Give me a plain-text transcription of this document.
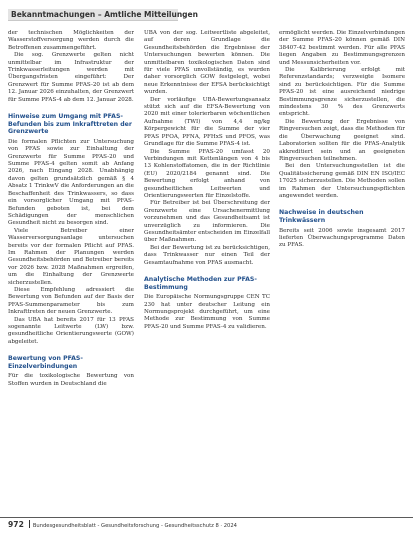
Bekanntmachungen – Amtliche Mitteilungen

der technischen Möglichkeiten der Wasserstoffversorgung werden durch die Betroffenen zusammengeführt.

Die sog. Grenzwerte gelten nicht unmittelbar im Infrastruktur der Trinkwasserleitungen werden mit Übergangsfristen eingeführt: Der Grenzwert für Summe PFAS-20 ist ab dem 12. Januar 2026 einzuhalten, der Grenzwert für Summe PFAS-4 ab dem 12. Januar 2028.

Hinweise zum Umgang mit PFAS-Befunden bis zum Inkrafttreten der Grenzwerte

Die formalen Pflichten zur Untersuchung von PFAS sowie zur Einhaltung der Grenzwerte für Summe PFAS-20 und Summe PFAS-4 gelten somit ab Anfang 2026, nach Eingang 2028. Unabhängig davon gelten grundsätzlich gemäß § 4 Absatz 1 TrinkwV die Anforderungen an die Beschaffenheit des Trinkwassers, so dass ein vorsorglicher Umgang mit PFAS-Befunden geboten ist, bei dem Schädigungen der menschlichen Gesundheit nicht zu besorgen sind.

Viele Betreiber einer Wasserversorgungsanlage untersuchen bereits vor der formalen Pflicht auf PFAS. Im Rahmen der Planungen werden Gesundheitsbehörden und Betreiber bereits vor 2026 bzw. 2028 Maßnahmen ergreifen, um die Einhaltung der Grenzwerte sicherzustellen.

Diese Empfehlung adressiert die Bewertung von Befunden auf der Basis der PFAS-Summenparameter bis zum Inkrafttreten der neuen Grenzwerte.

Das UBA hat bereits 2017 für 13 PFAS sogenannte Leitwerte (LW) bzw. gesundheitliche Orientierungswerte (GOW) abgeleitet.

Bewertung von PFAS-Einzelverbindungen

Für die toxikologische Bewertung von Stoffen wurden in Deutschland die

UBA von der sog. Leitwertliste abgeleitet, auf deren Grundlage die Gesundheitsbehörden die Ergebnisse der Untersuchungen bewerten können. Die unmittelbaren toxikologischen Daten sind für viele PFAS unvollständig, es wurden daher vorsorglich GOW festgelegt, wobei neue Erkenntnisse der EFSA berücksichtigt wurden.

Der vorläufige UBA-Bewertungsansatz stützt sich auf die EFSA-Bewertung von 2020 mit einer tolerierbaren wöchentlichen Aufnahme (TWI) von 4,4 ng/kg Körpergewicht für die Summe der vier PFAS PFOA, PFNA, PFHxS und PFOS, was Grundlage für die Summe PFAS-4 ist.

Die Summe PFAS-20 umfasst 20 Verbindungen mit Kettenlängen von 4 bis 13 Kohlenstoffatomen, die in der Richtlinie (EU) 2020/2184 genannt sind. Die Bewertung erfolgt anhand von gesundheitlichen Leitwerten und Orientierungswerten für Einzelstoffe.

Für Betreiber ist bei Überschreitung der Grenzwerte eine Ursachenermittlung vorzunehmen und das Gesundheitsamt ist unverzüglich zu informieren. Die Gesundheitsämter entscheiden im Einzelfall über Maßnahmen.

Bei der Bewertung ist zu berücksichtigen, dass Trinkwasser nur einen Teil der Gesamtaufnahme von PFAS ausmacht.

Analytische Methoden zur PFAS-Bestimmung

Die Europäische Normungsgruppe CEN TC 230 hat unter deutscher Leitung ein Normungsprojekt durchgeführt, um eine Methode zur Bestimmung von Summe PFAS-20 und Summe PFAS-4 zu validieren.

ermöglicht werden. Die Einzelverbindungen der Summe PFAS-20 können gemäß DIN 38407-42 bestimmt werden. Für alle PFAS liegen Angaben zu Bestimmungsgrenzen und Messunsicherheiten vor.

Die Kalibrierung erfolgt mit Referenzstandards; verzweigte Isomere sind zu berücksichtigen. Für die Summe PFAS-20 ist eine ausreichend niedrige Bestimmungsgrenze sicherzustellen, die mindestens 30 % des Grenzwerts entspricht.

Die Bewertung der Ergebnisse von Ringversuchen zeigt, dass die Methoden für die Überwachung geeignet sind. Laboratorien sollten für die PFAS-Analytik akkreditiert sein und an geeigneten Ringversuchen teilnehmen.

Bei den Untersuchungsstellen ist die Qualitätssicherung gemäß DIN EN ISO/IEC 17025 sicherzustellen. Die Methoden sollen im Rahmen der Untersuchungspflichten angewendet werden.

Nachweise in deutschen Trinkwässern

Bereits seit 2006 sowie insgesamt 2017 lieferten Überwachungsprogramme Daten zu PFAS.

972 Bundesgesundheitsblatt - Gesundheitsforschung - Gesundheitsschutz 8 · 2024
